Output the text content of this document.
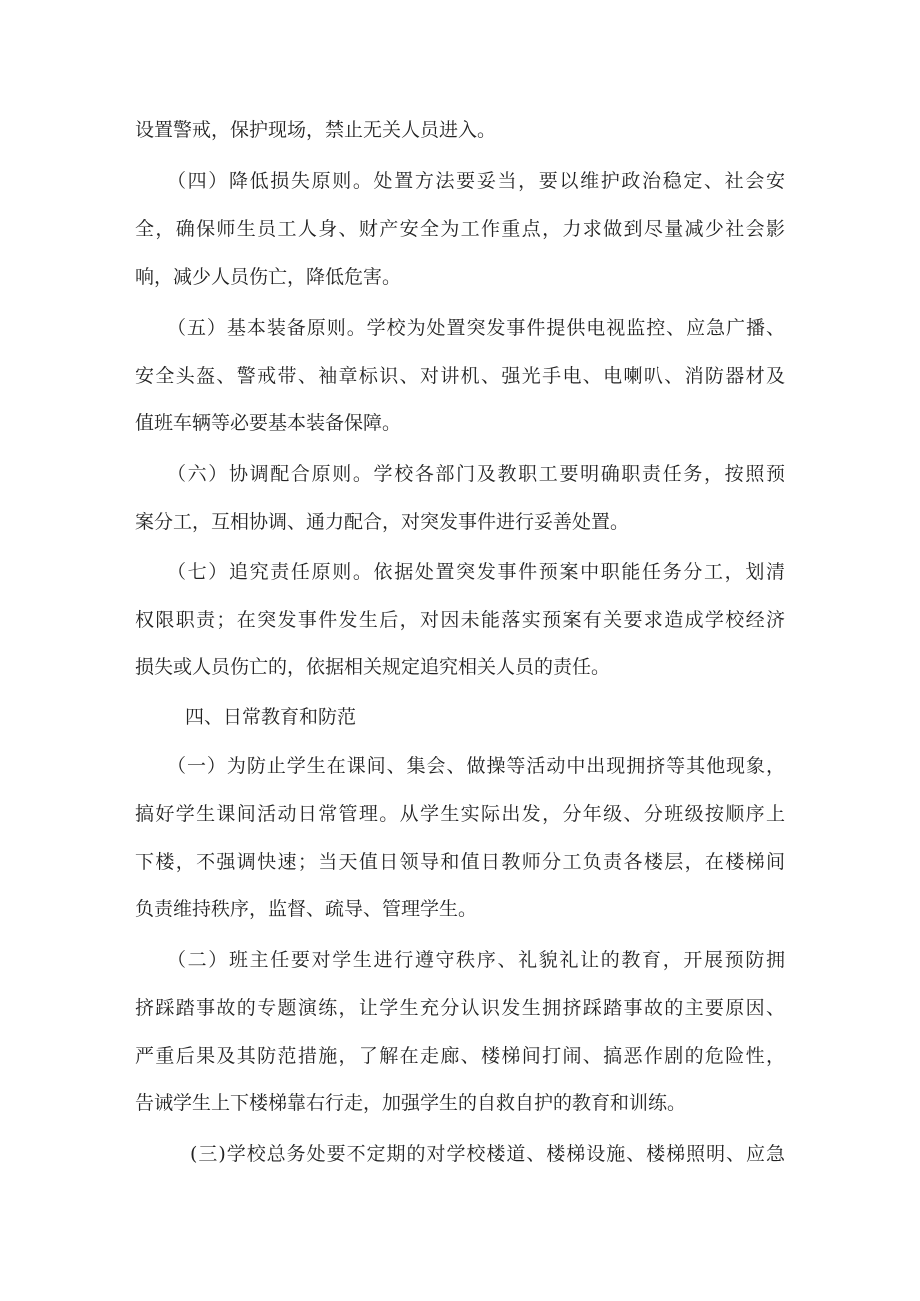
设置警戒，保护现场，禁止无关人员进入。
（四）降低损失原则。处置方法要妥当，要以维护政治稳定、社会安
全，确保师生员工人身、财产安全为工作重点，力求做到尽量减少社会影
响，减少人员伤亡，降低危害。
（五）基本装备原则。学校为处置突发事件提供电视监控、应急广播、
安全头盔、警戒带、袖章标识、对讲机、强光手电、电喇叭、消防器材及
值班车辆等必要基本装备保障。
（六）协调配合原则。学校各部门及教职工要明确职责任务，按照预
案分工，互相协调、通力配合，对突发事件进行妥善处置。
（七）追究责任原则。依据处置突发事件预案中职能任务分工，划清
权限职责；在突发事件发生后，对因未能落实预案有关要求造成学校经济
损失或人员伤亡的，依据相关规定追究相关人员的责任。
四、日常教育和防范
（一）为防止学生在课间、集会、做操等活动中出现拥挤等其他现象，
搞好学生课间活动日常管理。从学生实际出发，分年级、分班级按顺序上
下楼，不强调快速；当天值日领导和值日教师分工负责各楼层，在楼梯间
负责维持秩序，监督、疏导、管理学生。
（二）班主任要对学生进行遵守秩序、礼貌礼让的教育，开展预防拥
挤踩踏事故的专题演练，让学生充分认识发生拥挤踩踏事故的主要原因、
严重后果及其防范措施，了解在走廊、楼梯间打闹、搞恶作剧的危险性，
告诫学生上下楼梯靠右行走，加强学生的自救自护的教育和训练。
(三)学校总务处要不定期的对学校楼道、楼梯设施、楼梯照明、应急
